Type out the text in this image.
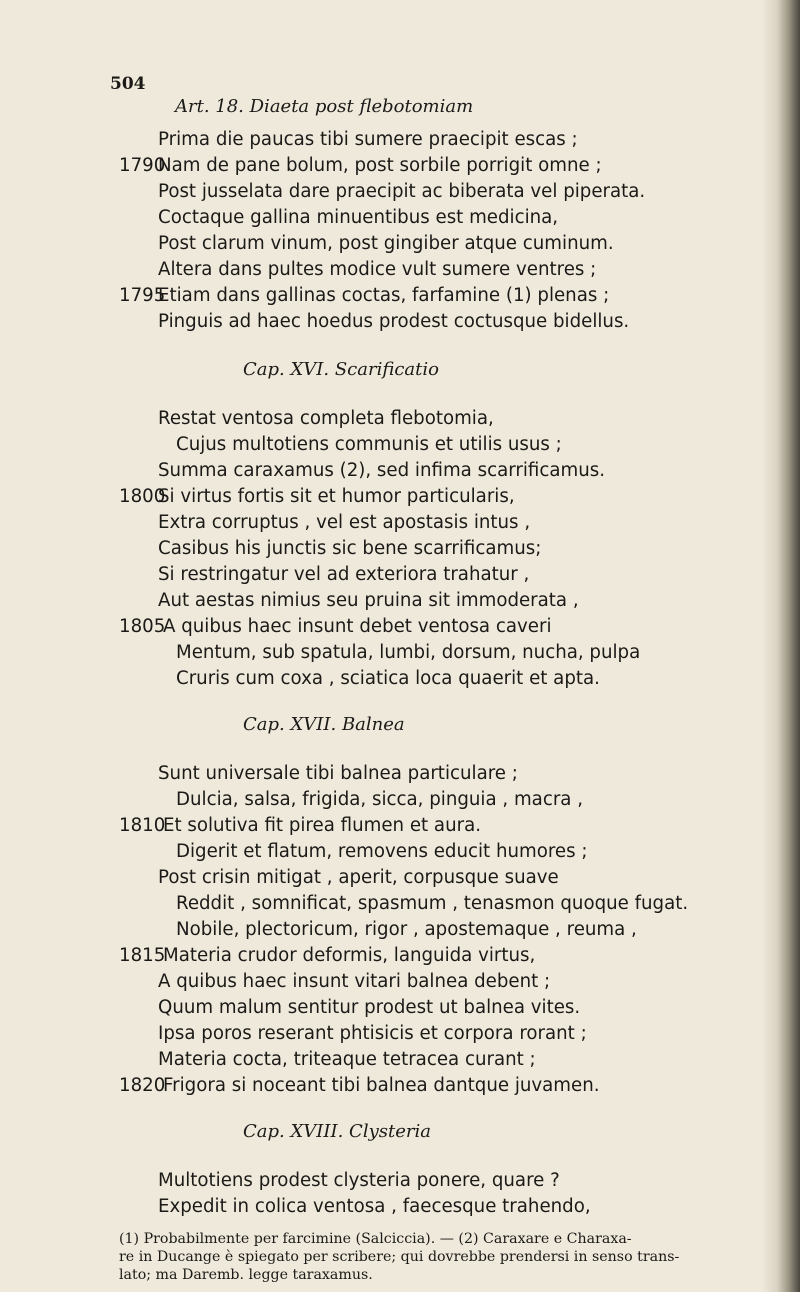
504
Art. 18. Diaeta post flebotomiam
Prima die paucas tibi sumere praecipit escas ;
1790
Nam de pane bolum, post sorbile porrigit omne ;
Post jusselata dare praecipit ac biberata vel piperata.
Coctaque gallina minuentibus est medicina,
Post clarum vinum, post gingiber atque cuminum.
Altera dans pultes modice vult sumere ventres ;
1795
Etiam dans gallinas coctas, farfamine (1) plenas ;
Pinguis ad haec hoedus prodest coctusque bidellus.
Cap. XVI. Scarificatio
Restat ventosa completa flebotomia,
Cujus multotiens communis et utilis usus ;
Summa caraxamus (2), sed infima scarrificamus.
1800
Si virtus fortis sit et humor particularis,
Extra corruptus , vel est apostasis intus ,
Casibus his junctis sic bene scarrificamus;
Si restringatur vel ad exteriora trahatur ,
Aut aestas nimius seu pruina sit immoderata ,
1805
A quibus haec insunt debet ventosa caveri
Mentum, sub spatula, lumbi, dorsum, nucha, pulpa
Cruris cum coxa , sciatica loca quaerit et apta.
Cap. XVII. Balnea
Sunt universale tibi balnea particulare ;
Dulcia, salsa, frigida, sicca, pinguia , macra ,
1810
Et solutiva fit pirea flumen et aura.
Digerit et flatum, removens educit humores ;
Post crisin mitigat , aperit, corpusque suave
Reddit , somnificat, spasmum , tenasmon quoque fugat.
Nobile, plectoricum, rigor , apostemaque , reuma ,
1815
Materia crudor deformis, languida virtus,
A quibus haec insunt vitari balnea debent ;
Quum malum sentitur prodest ut balnea vites.
Ipsa poros reserant phtisicis et corpora rorant ;
Materia cocta, triteaque tetracea curant ;
1820
Frigora si noceant tibi balnea dantque juvamen.
Cap. XVIII. Clysteria
Multotiens prodest clysteria ponere, quare ?
Expedit in colica ventosa , faecesque trahendo,
(1) Probabilmente per farcimine (Salciccia). — (2) Caraxare e Charaxa-
re in Ducange è spiegato per scribere; qui dovrebbe prendersi in senso trans-
lato; ma Daremb. legge taraxamus.
